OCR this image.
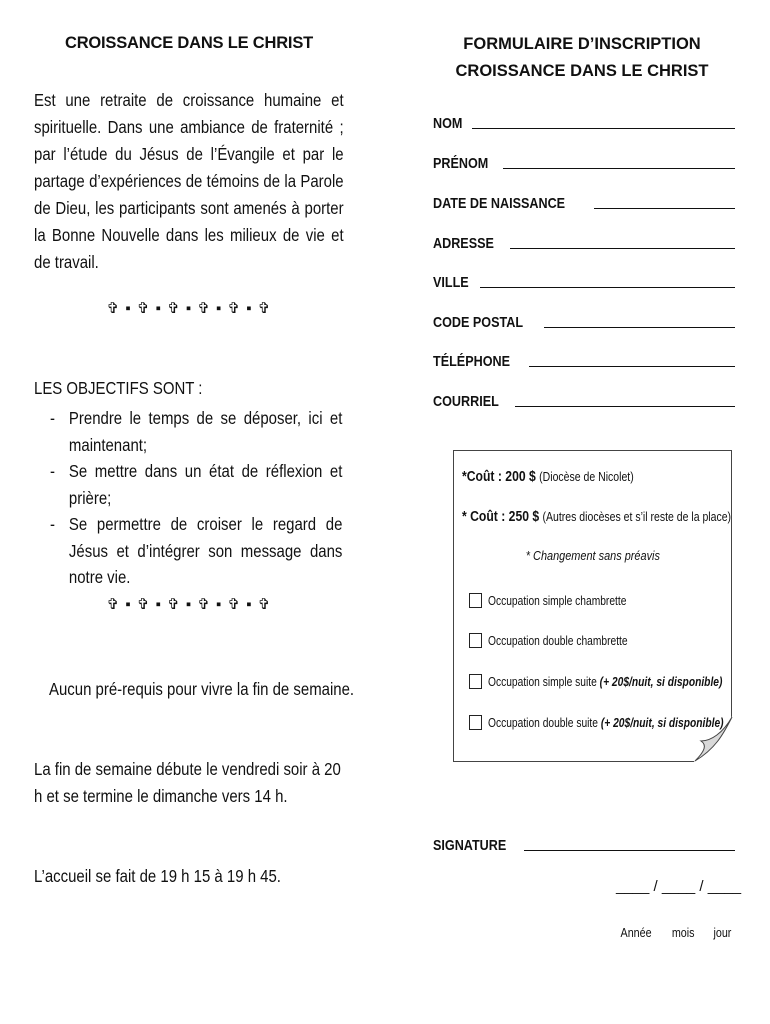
CROISSANCE DANS LE CHRIST
Est une retraite de croissance humaine et spirituelle. Dans une ambiance de fraternité ; par l’étude du Jésus de l’Évangile et par le partage d’expériences de témoins de la Parole de Dieu, les participants sont amenés à porter la Bonne Nouvelle dans les milieux de vie et de travail.
✞ ▪ ✞ ▪ ✞ ▪ ✞ ▪ ✞ ▪ ✞
LES OBJECTIFS SONT :
- Prendre le temps de se déposer, ici et maintenant;
- Se mettre dans un état de réflexion et prière;
- Se permettre de croiser le regard de Jésus et d’intégrer son message dans notre vie.
✞ ▪ ✞ ▪ ✞ ▪ ✞ ▪ ✞ ▪ ✞
Aucun pré-requis pour vivre la fin de semaine.
La fin de semaine débute le vendredi soir à 20 h et se termine le dimanche vers 14 h.
L’accueil se fait de 19 h 15 à 19 h 45.
FORMULAIRE D’INSCRIPTION
CROISSANCE DANS LE CHRIST
NOM
PRÉNOM
DATE DE NAISSANCE
ADRESSE
VILLE
CODE POSTAL
TÉLÉPHONE
COURRIEL
*Coût : 200 $ (Diocèse de Nicolet)
* Coût : 250 $ (Autres diocèses et s’il reste de la place)
* Changement sans préavis
Occupation simple chambrette
Occupation double chambrette
Occupation simple suite (+ 20$/nuit, si disponible)
Occupation double suite (+ 20$/nuit, si disponible)
SIGNATURE
____ / ____ / ____
Année mois jour
